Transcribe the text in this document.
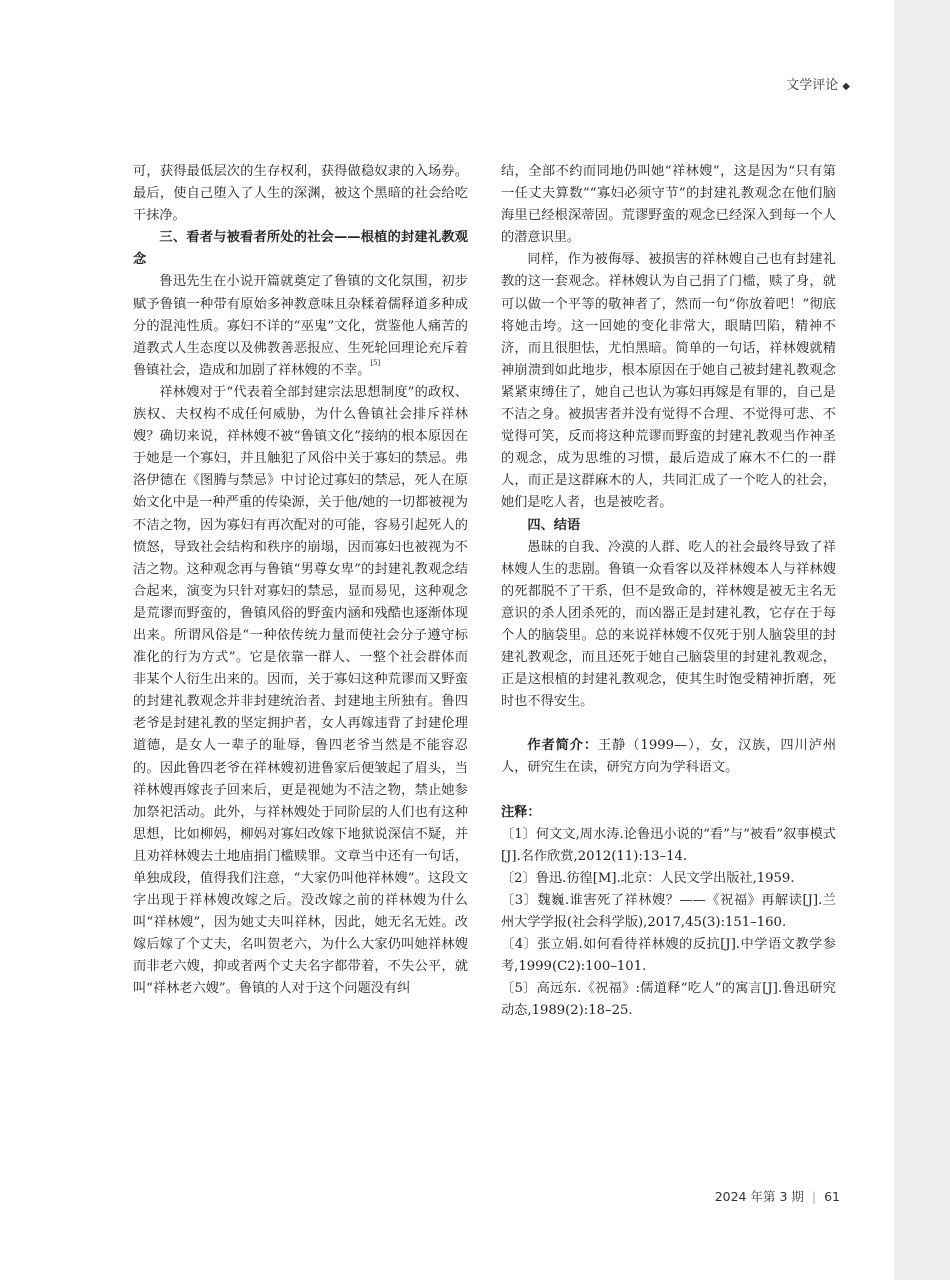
文学评论 ◆

可，获得最低层次的生存权利，获得做稳奴隶的入场券。最后，使自己堕入了人生的深渊，被这个黑暗的社会给吃干抹净。

三、看者与被看者所处的社会——根植的封建礼教观念

鲁迅先生在小说开篇就奠定了鲁镇的文化氛围，初步赋予鲁镇一种带有原始多神教意味且杂糅着儒释道多种成分的混沌性质。寡妇不详的“巫鬼”文化，赏鉴他人痛苦的道教式人生态度以及佛教善恶报应、生死轮回理论充斥着鲁镇社会，造成和加剧了祥林嫂的不幸。[5]

祥林嫂对于“代表着全部封建宗法思想制度”的政权、族权、夫权构不成任何威胁，为什么鲁镇社会排斥祥林嫂？确切来说，祥林嫂不被“鲁镇文化”接纳的根本原因在于她是一个寡妇，并且触犯了风俗中关于寡妇的禁忌。弗洛伊德在《图腾与禁忌》中讨论过寡妇的禁忌，死人在原始文化中是一种严重的传染源，关于他/她的一切都被视为不洁之物，因为寡妇有再次配对的可能，容易引起死人的愤怒，导致社会结构和秩序的崩塌，因而寡妇也被视为不洁之物。这种观念再与鲁镇“男尊女卑”的封建礼教观念结合起来，演变为只针对寡妇的禁忌，显而易见，这种观念是荒谬而野蛮的，鲁镇风俗的野蛮内涵和残酷也逐渐体现出来。所谓风俗是“一种依传统力量而使社会分子遵守标准化的行为方式”。它是依靠一群人、一整个社会群体而非某个人衍生出来的。因而，关于寡妇这种荒谬而又野蛮的封建礼教观念并非封建统治者、封建地主所独有。鲁四老爷是封建礼教的坚定拥护者，女人再嫁违背了封建伦理道德，是女人一辈子的耻辱，鲁四老爷当然是不能容忍的。因此鲁四老爷在祥林嫂初进鲁家后便皱起了眉头，当祥林嫂再嫁丧子回来后，更是视她为不洁之物，禁止她参加祭祀活动。此外，与祥林嫂处于同阶层的人们也有这种思想，比如柳妈，柳妈对寡妇改嫁下地狱说深信不疑，并且劝祥林嫂去土地庙捐门槛赎罪。文章当中还有一句话，单独成段，值得我们注意，“大家仍叫他祥林嫂”。这段文字出现于祥林嫂改嫁之后。没改嫁之前的祥林嫂为什么叫“祥林嫂”，因为她丈夫叫祥林，因此，她无名无姓。改嫁后嫁了个丈夫，名叫贺老六，为什么大家仍叫她祥林嫂而非老六嫂，抑或者两个丈夫名字都带着，不失公平，就叫“祥林老六嫂”。鲁镇的人对于这个问题没有纠

结，全部不约而同地仍叫她“祥林嫂”，这是因为“只有第一任丈夫算数”“寡妇必须守节”的封建礼教观念在他们脑海里已经根深蒂固。荒谬野蛮的观念已经深入到每一个人的潜意识里。

同样，作为被侮辱、被损害的祥林嫂自己也有封建礼教的这一套观念。祥林嫂认为自己捐了门槛，赎了身，就可以做一个平等的敬神者了，然而一句“你放着吧！”彻底将她击垮。这一回她的变化非常大，眼睛凹陷，精神不济，而且很胆怯，尤怕黑暗。简单的一句话，祥林嫂就精神崩溃到如此地步，根本原因在于她自己被封建礼教观念紧紧束缚住了，她自己也认为寡妇再嫁是有罪的，自己是不洁之身。被损害者并没有觉得不合理、不觉得可悲、不觉得可笑，反而将这种荒谬而野蛮的封建礼教观当作神圣的观念，成为思维的习惯，最后造成了麻木不仁的一群人，而正是这群麻木的人，共同汇成了一个吃人的社会，她们是吃人者，也是被吃者。

四、结语

愚昧的自我、冷漠的人群、吃人的社会最终导致了祥林嫂人生的悲剧。鲁镇一众看客以及祥林嫂本人与祥林嫂的死都脱不了干系，但不是致命的，祥林嫂是被无主名无意识的杀人团杀死的，而凶器正是封建礼教，它存在于每个人的脑袋里。总的来说祥林嫂不仅死于别人脑袋里的封建礼教观念，而且还死于她自己脑袋里的封建礼教观念，正是这根植的封建礼教观念，使其生时饱受精神折磨，死时也不得安生。

作者简介：王静（1999—），女，汉族，四川泸州人，研究生在读，研究方向为学科语文。

注释：

〔1〕何文文,周水涛.论鲁迅小说的“看”与“被看”叙事模式[J].名作欣赏,2012(11):13–14.

〔2〕鲁迅.彷徨[M].北京：人民文学出版社,1959.

〔3〕魏巍.谁害死了祥林嫂？——《祝福》再解读[J].兰州大学学报(社会科学版),2017,45(3):151–160.

〔4〕张立娟.如何看待祥林嫂的反抗[J].中学语文教学参考,1999(C2):100–101.

〔5〕高远东.《祝福》:儒道释“吃人”的寓言[J].鲁迅研究动态,1989(2):18–25.

2024 年第 3 期 | 61
